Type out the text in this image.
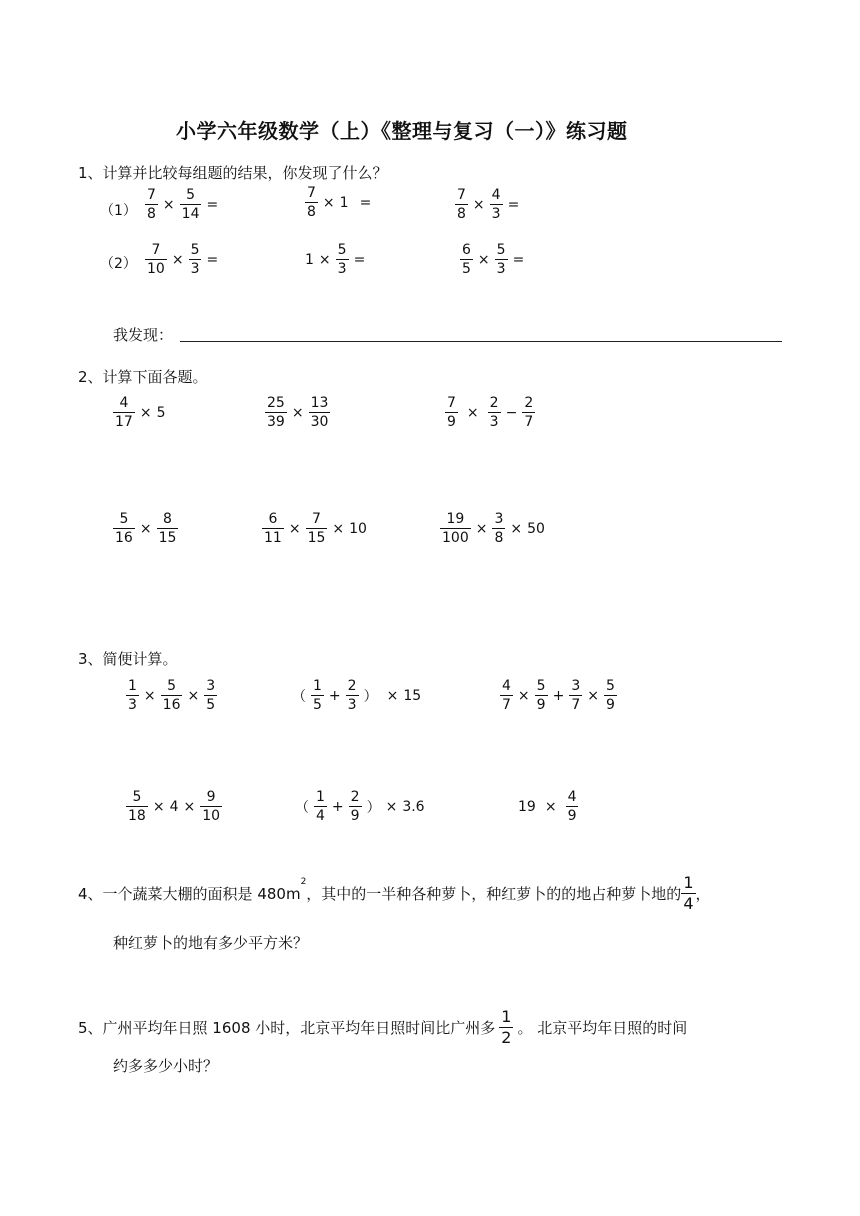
小学六年级数学（上）《整理与复习（一）》练习题
1、计算并比较每组题的结果，你发现了什么？
$(1) \frac{7}{8} \times \frac{5}{14}$ =	$\frac{7}{8} \times 1$ =	$\frac{7}{8} \times \frac{4}{3}$ =
$(2) \frac{7}{10} \times \frac{5}{3}$ =	$1 \times \frac{5}{3}$ =	$\frac{6}{5} \times \frac{5}{3}$ =
我发现：
2、计算下面各题。
$\frac{4}{17} \times 5$	$\frac{25}{39} \times \frac{13}{30}$	$\frac{7}{9} \times \frac{2}{3} - \frac{2}{7}$
$\frac{5}{16} \times \frac{8}{15}$	$\frac{6}{11} \times \frac{7}{15} \times 10$	$\frac{19}{100} \times \frac{3}{8} \times 50$
3、简便计算。
$\frac{1}{3} \times \frac{5}{16} \times \frac{3}{5}$	（ $\frac{1}{5} + \frac{2}{3}$ ） × 15	$\frac{4}{7} \times \frac{5}{9} + \frac{3}{7} \times \frac{5}{9}$
$\frac{5}{18} \times 4 \times \frac{9}{10}$	（ $\frac{1}{4} + \frac{2}{9}$ ） × 3.6	$19 \times \frac{4}{9}$
4、一个蔬菜大棚的面积是 480m
$^2$
，其中的一半种各种萝卜，种红萝卜的的地占种萝卜地的 $\frac{1}{4}$ ，
种红萝卜的地有多少平方米？
5、广州平均年日照 1608 小时，北京平均年日照时间比广州多 $\frac{1}{2}$ 。 北京平均年日照的时间
约多多少小时？
